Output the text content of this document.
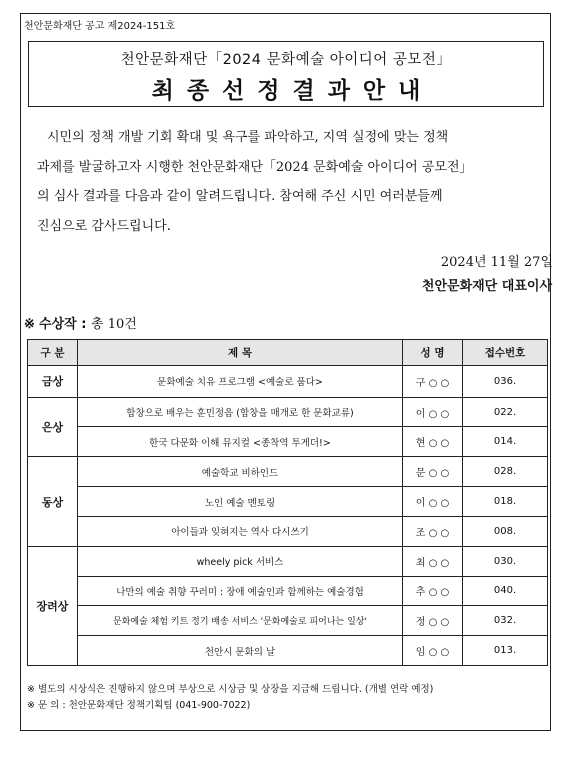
천안문화재단 공고 제2024-151호
천안문화재단「2024 문화예술 아이디어 공모전」
최종선정결과안내

시민의 정책 개발 기회 확대 및 욕구를 파악하고, 지역 실정에 맞는 정책

과제를 발굴하고자 시행한 천안문화재단「2024 문화예술 아이디어 공모전」

의 심사 결과를 다음과 같이 알려드립니다. 참여해 주신 시민 여러분들께

진심으로 감사드립니다.

2024년 11월 27일
천안문화재단 대표이사
※ 수상작 : 총 10건
구 분	제 목	성 명	접수번호
금상	문화예술 치유 프로그램 <예술로 품다>	구 ○ ○	036.
은상	합창으로 배우는 훈민정음 (합창을 매개로 한 문화교류)	이 ○ ○	022.
	한국 다문화 이해 뮤지컬 <종착역 투게더!>	현 ○ ○	014.
동상	예술학교 비하인드	문 ○ ○	028.
	노인 예술 멘토링	이 ○ ○	018.
	아이들과 잊혀지는 역사 다시쓰기	조 ○ ○	008.
장려상	wheely pick 서비스	최 ○ ○	030.
	나만의 예술 취향 꾸러미 : 장애 예술인과 함께하는 예술경험	추 ○ ○	040.
	문화예술 체험 키트 정기 배송 서비스 '문화예술로 피어나는 일상'	정 ○ ○	032.
	천안시 문화의 날	임 ○ ○	013.
※ 별도의 시상식은 진행하지 않으며 부상으로 시상금 및 상장을 지급해 드립니다. (개별 연락 예정)
※ 문 의 : 천안문화재단 정책기획팀 (041-900-7022)
